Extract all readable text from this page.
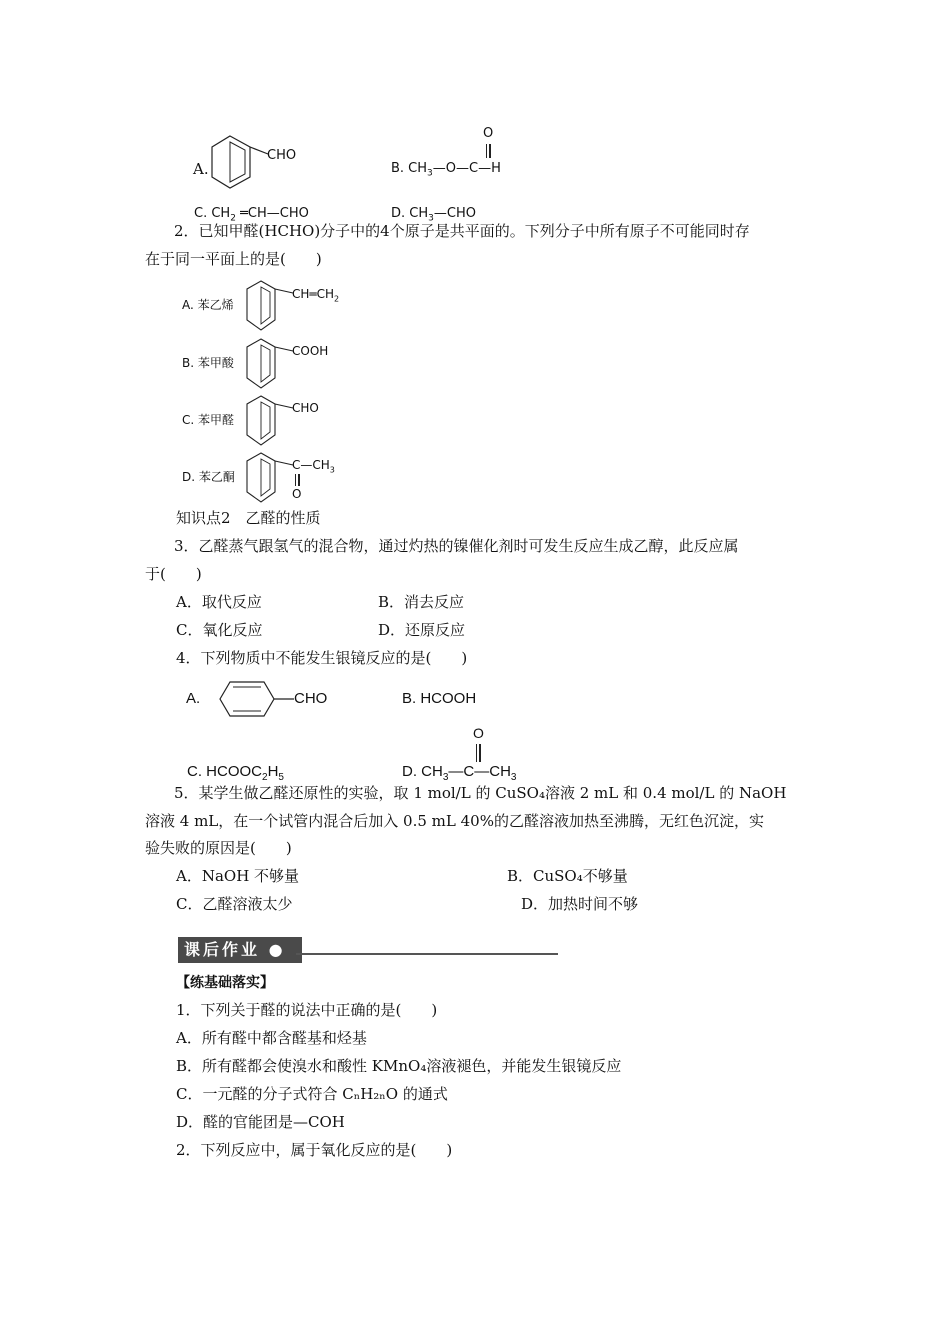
A.
CHO
O
B. $CH_3—O—C—H$
C. $CH_2$ ═CH—CHO	D. $CH_3—CHO$
2．已知甲醛(HCHO)分子中的4个原子是共平面的。下列分子中所有原子不可能同时存
在于同一平面上的是(　　)
A. 苯乙烯
$CH═CH_2$
B. 苯甲酸
COOH
C. 苯甲醛
CHO
D. 苯乙酮
$C—CH_3$
O
知识点2　乙醛的性质
3．乙醛蒸气跟氢气的混合物，通过灼热的镍催化剂时可发生反应生成乙醇，此反应属
于(　　)
A．取代反应	B．消去反应
C．氧化反应	D．还原反应
4．下列物质中不能发生银镜反应的是(　　)
A.	CHO	B. HCOOH
O
C. $HCOOC_2H_5$	D. $CH_3—C—CH_3$
5．某学生做乙醛还原性的实验，取 1 mol/L 的 CuSO₄溶液 2 mL 和 0.4 mol/L 的 NaOH
溶液 4 mL，在一个试管内混合后加入 0.5 mL 40%的乙醛溶液加热至沸腾，无红色沉淀，实
验失败的原因是(　　)
A．NaOH 不够量	B．CuSO₄不够量
C．乙醛溶液太少	D．加热时间不够
课后作业 ●
【练基础落实】
1．下列关于醛的说法中正确的是(　　)
A．所有醛中都含醛基和烃基
B．所有醛都会使溴水和酸性 KMnO₄溶液褪色，并能发生银镜反应
C．一元醛的分子式符合 CₙH₂ₙO 的通式
D．醛的官能团是—COH
2．下列反应中，属于氧化反应的是(　　)
